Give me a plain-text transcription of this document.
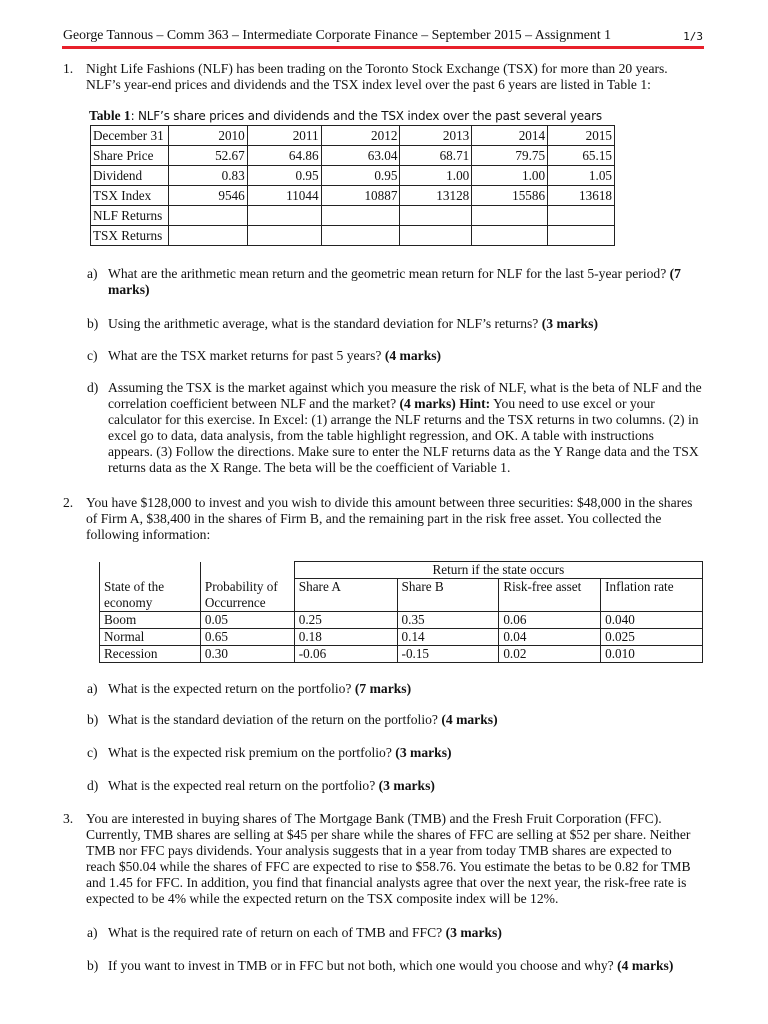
George Tannous – Comm 363 – Intermediate Corporate Finance – September 2015 – Assignment 1	1/3
1. Night Life Fashions (NLF) has been trading on the Toronto Stock Exchange (TSX) for more than 20 years. NLF’s year-end prices and dividends and the TSX index level over the past 6 years are listed in Table 1:
Table 1: NLF’s share prices and dividends and the TSX index over the past several years
December 31	2010	2011	2012	2013	2014	2015
Share Price	52.67	64.86	63.04	68.71	79.75	65.15
Dividend	0.83	0.95	0.95	1.00	1.00	1.05
TSX Index	9546	11044	10887	13128	15586	13618
NLF Returns						
TSX Returns						
a) What are the arithmetic mean return and the geometric mean return for NLF for the last 5-year period? (7 marks)
b) Using the arithmetic average, what is the standard deviation for NLF’s returns? (3 marks)
c) What are the TSX market returns for past 5 years? (4 marks)
d) Assuming the TSX is the market against which you measure the risk of NLF, what is the beta of NLF and the correlation coefficient between NLF and the market? (4 marks) Hint: You need to use excel or your calculator for this exercise. In Excel: (1) arrange the NLF returns and the TSX returns in two columns. (2) in excel go to data, data analysis, from the table highlight regression, and OK. A table with instructions appears. (3) Follow the directions. Make sure to enter the NLF returns data as the Y Range data and the TSX returns data as the X Range. The beta will be the coefficient of Variable 1.
2. You have $128,000 to invest and you wish to divide this amount between three securities: $48,000 in the shares of Firm A, $38,400 in the shares of Firm B, and the remaining part in the risk free asset. You collected the following information:
		Return if the state occurs			
State of the economy	Probability of Occurrence	Share A	Share B	Risk-free asset	Inflation rate
Boom	0.05	0.25	0.35	0.06	0.040
Normal	0.65	0.18	0.14	0.04	0.025
Recession	0.30	-0.06	-0.15	0.02	0.010
a) What is the expected return on the portfolio? (7 marks)
b) What is the standard deviation of the return on the portfolio? (4 marks)
c) What is the expected risk premium on the portfolio? (3 marks)
d) What is the expected real return on the portfolio? (3 marks)
3. You are interested in buying shares of The Mortgage Bank (TMB) and the Fresh Fruit Corporation (FFC). Currently, TMB shares are selling at $45 per share while the shares of FFC are selling at $52 per share. Neither TMB nor FFC pays dividends. Your analysis suggests that in a year from today TMB shares are expected to reach $50.04 while the shares of FFC are expected to rise to $58.76. You estimate the betas to be 0.82 for TMB and 1.45 for FFC. In addition, you find that financial analysts agree that over the next year, the risk-free rate is expected to be 4% while the expected return on the TSX composite index will be 12%.
a) What is the required rate of return on each of TMB and FFC? (3 marks)
b) If you want to invest in TMB or in FFC but not both, which one would you choose and why? (4 marks)
